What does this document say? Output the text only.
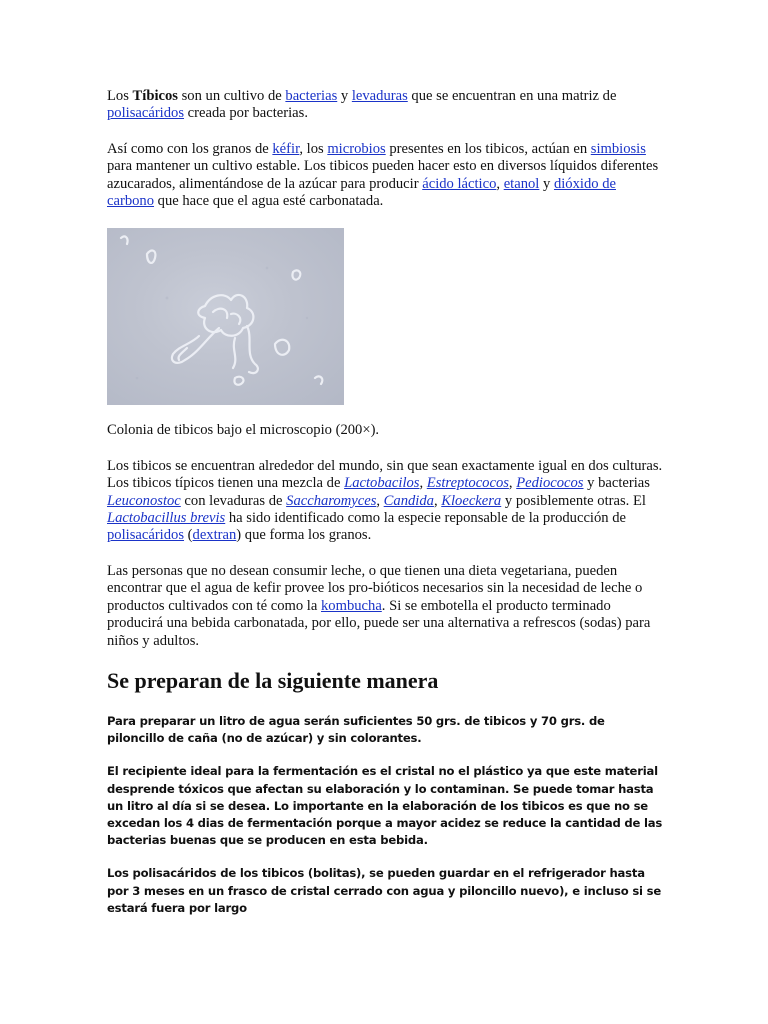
Los Tíbicos son un cultivo de bacterias y levaduras que se encuentran en una matriz de polisacáridos creada por bacterias.

Así como con los granos de kéfir, los microbios presentes en los tibicos, actúan en simbiosis para mantener un cultivo estable. Los tibicos pueden hacer esto en diversos líquidos diferentes azucarados, alimentándose de la azúcar para producir ácido láctico, etanol y dióxido de carbono que hace que el agua esté carbonatada.

Colonia de tibicos bajo el microscopio (200×).

Los tibicos se encuentran alrededor del mundo, sin que sean exactamente igual en dos culturas. Los tibicos típicos tienen una mezcla de Lactobacilos, Estreptococos, Pediococos y bacterias Leuconostoc con levaduras de Saccharomyces, Candida, Kloeckera y posiblemente otras. El Lactobacillus brevis ha sido identificado como la especie reponsable de la producción de polisacáridos (dextran) que forma los granos.

Las personas que no desean consumir leche, o que tienen una dieta vegetariana, pueden encontrar que el agua de kefir provee los pro-bióticos necesarios sin la necesidad de leche o productos cultivados con té como la kombucha. Si se embotella el producto terminado producirá una bebida carbonatada, por ello, puede ser una alternativa a refrescos (sodas) para niños y adultos.

Se preparan de la siguiente manera

Para preparar un litro de agua serán suficientes 50 grs. de tibicos y 70 grs. de piloncillo de caña (no de azúcar) y sin colorantes.

El recipiente ideal para la fermentación es el cristal no el plástico ya que este material desprende tóxicos que afectan su elaboración y lo contaminan. Se puede tomar hasta un litro al día si se desea. Lo importante en la elaboración de los tibicos es que no se excedan los 4 dias de fermentación porque a mayor acidez se reduce la cantidad de las bacterias buenas que se producen en esta bebida.

Los polisacáridos de los tibicos (bolitas), se pueden guardar en el refrigerador hasta por 3 meses en un frasco de cristal cerrado con agua y piloncillo nuevo), e incluso si se estará fuera por largo
